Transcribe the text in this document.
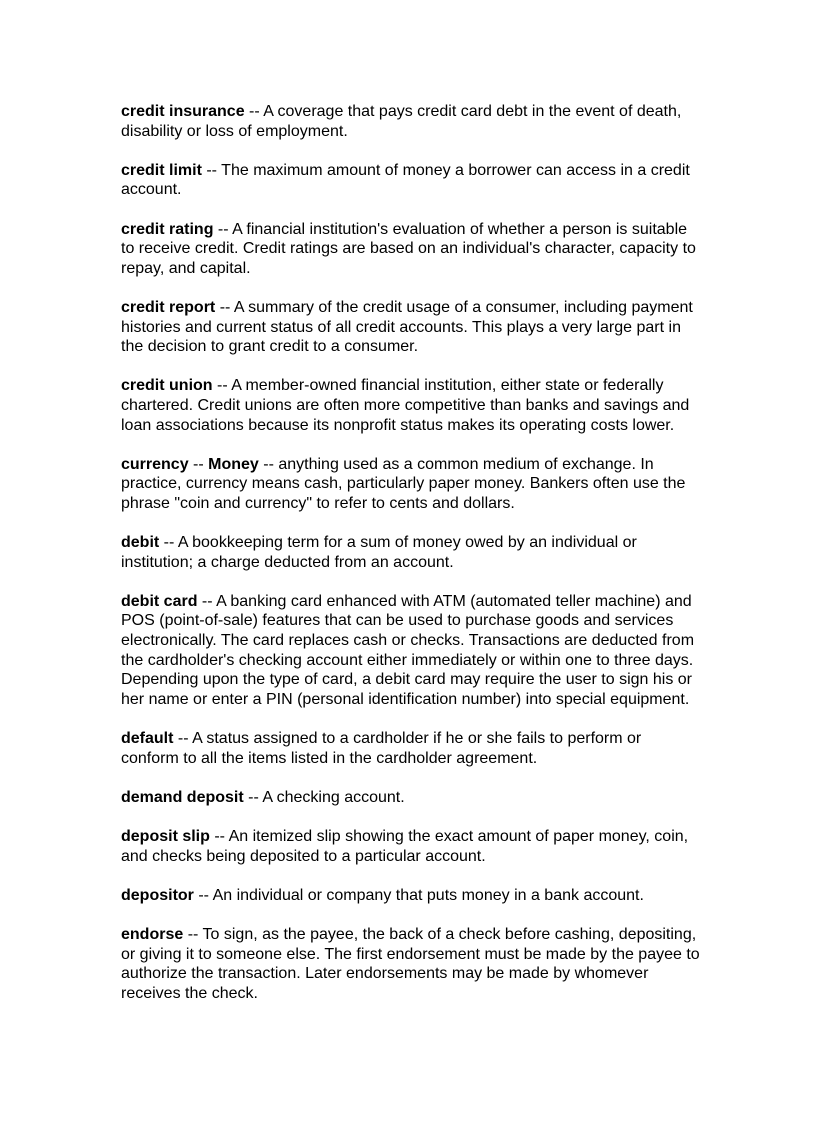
credit insurance -- A coverage that pays credit card debt in the event of death, disability or loss of employment.

credit limit -- The maximum amount of money a borrower can access in a credit account.

credit rating -- A financial institution's evaluation of whether a person is suitable to receive credit. Credit ratings are based on an individual's character, capacity to repay, and capital.

credit report -- A summary of the credit usage of a consumer, including payment histories and current status of all credit accounts. This plays a very large part in the decision to grant credit to a consumer.

credit union -- A member-owned financial institution, either state or federally chartered. Credit unions are often more competitive than banks and savings and loan associations because its nonprofit status makes its operating costs lower.

currency -- Money -- anything used as a common medium of exchange. In practice, currency means cash, particularly paper money. Bankers often use the phrase "coin and currency" to refer to cents and dollars.

debit -- A bookkeeping term for a sum of money owed by an individual or institution; a charge deducted from an account.

debit card -- A banking card enhanced with ATM (automated teller machine) and POS (point-of-sale) features that can be used to purchase goods and services electronically. The card replaces cash or checks. Transactions are deducted from the cardholder's checking account either immediately or within one to three days. Depending upon the type of card, a debit card may require the user to sign his or her name or enter a PIN (personal identification number) into special equipment.

default -- A status assigned to a cardholder if he or she fails to perform or conform to all the items listed in the cardholder agreement.

demand deposit -- A checking account.

deposit slip -- An itemized slip showing the exact amount of paper money, coin, and checks being deposited to a particular account.

depositor -- An individual or company that puts money in a bank account.

endorse -- To sign, as the payee, the back of a check before cashing, depositing, or giving it to someone else. The first endorsement must be made by the payee to authorize the transaction. Later endorsements may be made by whomever receives the check.
